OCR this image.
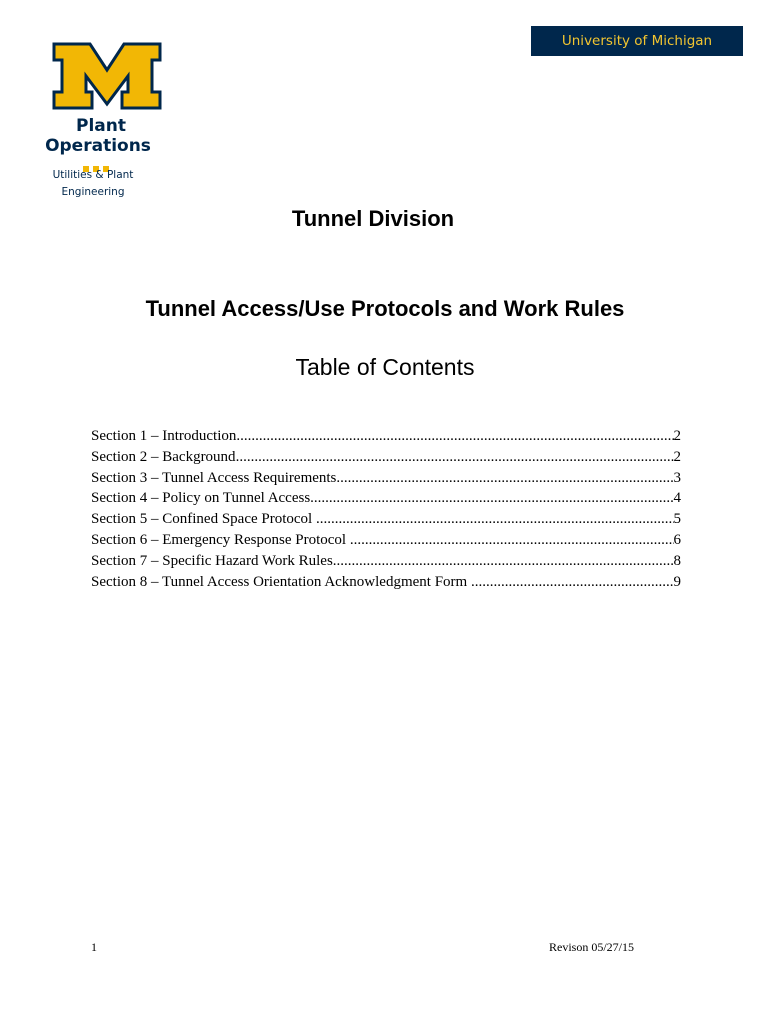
Plant
Operations
Utilities & Plant
Engineering
University of Michigan
Tunnel Division
Tunnel Access/Use Protocols and Work Rules
Table of Contents
Section 1 – Introduction .....	2
Section 2 – Background .....	2
Section 3 – Tunnel Access Requirements .....	3
Section 4 – Policy on Tunnel Access .....	4
Section 5 – Confined Space Protocol .....	5
Section 6 – Emergency Response Protocol .....	6
Section 7 – Specific Hazard Work Rules .....	8
Section 8 – Tunnel Access Orientation Acknowledgment Form .....	9
1	Revison 05/27/15
